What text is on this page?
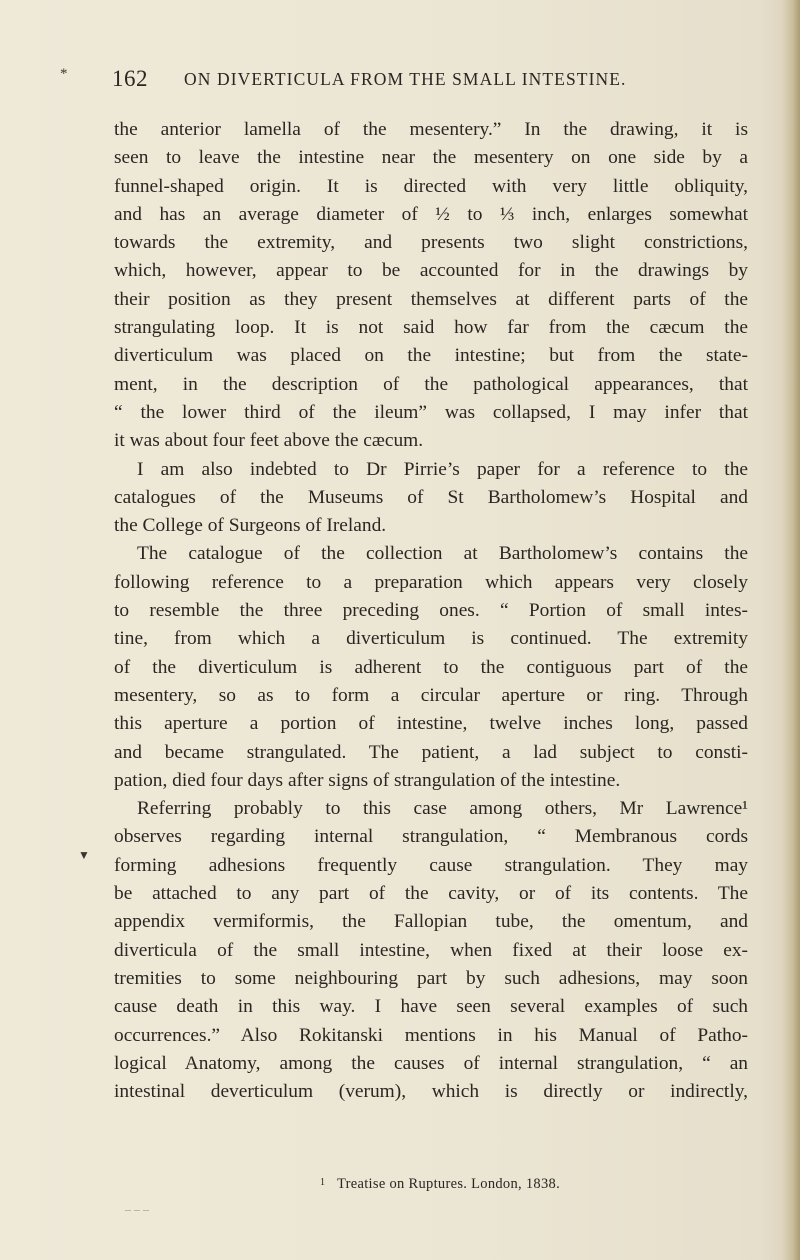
* 162 ON DIVERTICULA FROM THE SMALL INTESTINE.
the anterior lamella of the mesentery.” In the drawing, it is
seen to leave the intestine near the mesentery on one side by a
funnel-shaped origin. It is directed with very little obliquity,
and has an average diameter of ½ to ⅓ inch, enlarges somewhat
towards the extremity, and presents two slight constrictions,
which, however, appear to be accounted for in the drawings by
their position as they present themselves at different parts of the
strangulating loop. It is not said how far from the cæcum the
diverticulum was placed on the intestine; but from the state-
ment, in the description of the pathological appearances, that
“ the lower third of the ileum” was collapsed, I may infer that
it was about four feet above the cæcum.
I am also indebted to Dr Pirrie’s paper for a reference to the
catalogues of the Museums of St Bartholomew’s Hospital and
the College of Surgeons of Ireland.
The catalogue of the collection at Bartholomew’s contains the
following reference to a preparation which appears very closely
to resemble the three preceding ones. “ Portion of small intes-
tine, from which a diverticulum is continued. The extremity
of the diverticulum is adherent to the contiguous part of the
mesentery, so as to form a circular aperture or ring. Through
this aperture a portion of intestine, twelve inches long, passed
and became strangulated. The patient, a lad subject to consti-
pation, died four days after signs of strangulation of the intestine.
Referring probably to this case among others, Mr Lawrence¹
observes regarding internal strangulation, “ Membranous cords
forming adhesions frequently cause strangulation. They may
be attached to any part of the cavity, or of its contents. The
appendix vermiformis, the Fallopian tube, the omentum, and
diverticula of the small intestine, when fixed at their loose ex-
tremities to some neighbouring part by such adhesions, may soon
cause death in this way. I have seen several examples of such
occurrences.” Also Rokitanski mentions in his Manual of Patho-
logical Anatomy, among the causes of internal strangulation, “ an
intestinal deverticulum (verum), which is directly or indirectly,
▼
_ _ _
$^1$ Treatise on Ruptures. London, 1838.
